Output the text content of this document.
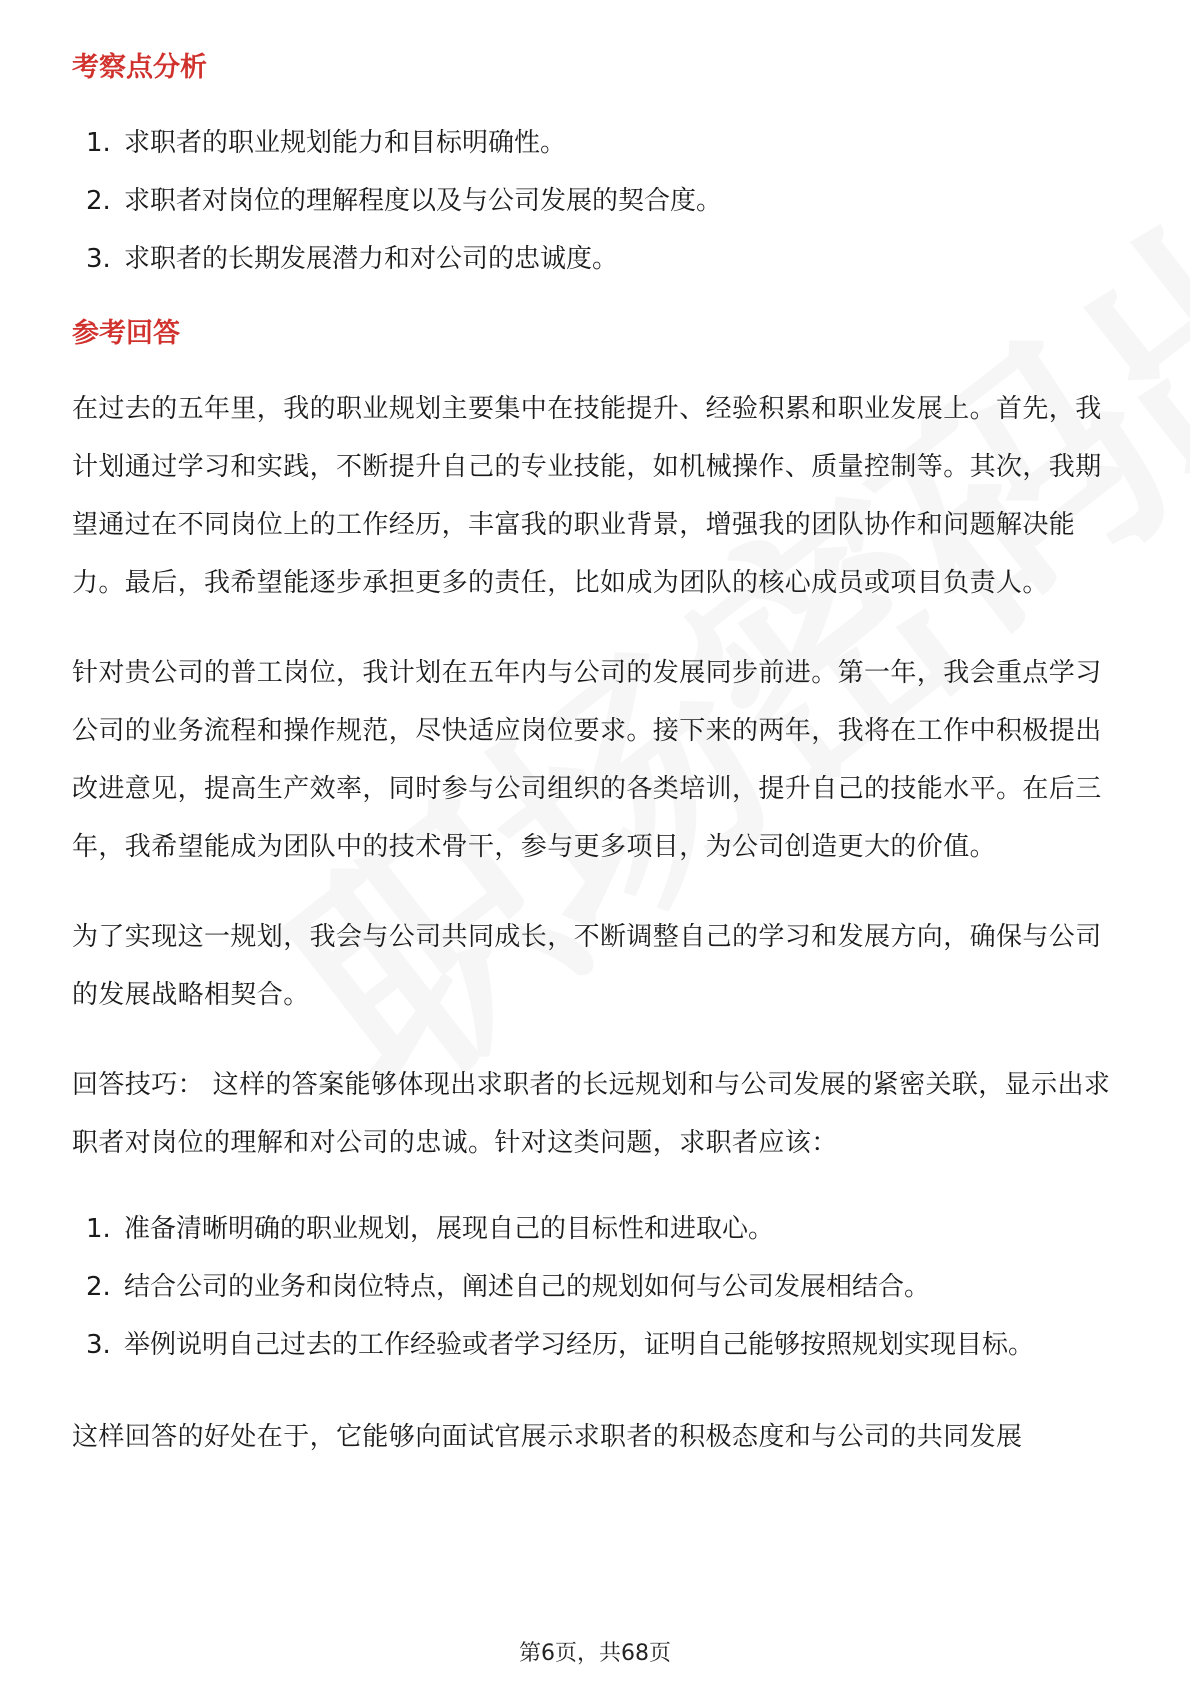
考察点分析
1. 求职者的职业规划能力和目标明确性。
2. 求职者对岗位的理解程度以及与公司发展的契合度。
3. 求职者的长期发展潜力和对公司的忠诚度。
参考回答

在过去的五年里，我的职业规划主要集中在技能提升、经验积累和职业发展上。首先，我计划通过学习和实践，不断提升自己的专业技能，如机械操作、质量控制等。其次，我期望通过在不同岗位上的工作经历，丰富我的职业背景，增强我的团队协作和问题解决能力。最后，我希望能逐步承担更多的责任，比如成为团队的核心成员或项目负责人。

针对贵公司的普工岗位，我计划在五年内与公司的发展同步前进。第一年，我会重点学习公司的业务流程和操作规范，尽快适应岗位要求。接下来的两年，我将在工作中积极提出改进意见，提高生产效率，同时参与公司组织的各类培训，提升自己的技能水平。在后三年，我希望能成为团队中的技术骨干，参与更多项目，为公司创造更大的价值。

为了实现这一规划，我会与公司共同成长，不断调整自己的学习和发展方向，确保与公司的发展战略相契合。

回答技巧： 这样的答案能够体现出求职者的长远规划和与公司发展的紧密关联，显示出求职者对岗位的理解和对公司的忠诚。针对这类问题，求职者应该：

1. 准备清晰明确的职业规划，展现自己的目标性和进取心。
2. 结合公司的业务和岗位特点，阐述自己的规划如何与公司发展相结合。
3. 举例说明自己过去的工作经验或者学习经历，证明自己能够按照规划实现目标。

这样回答的好处在于，它能够向面试官展示求职者的积极态度和与公司的共同发展

第6页，共68页
